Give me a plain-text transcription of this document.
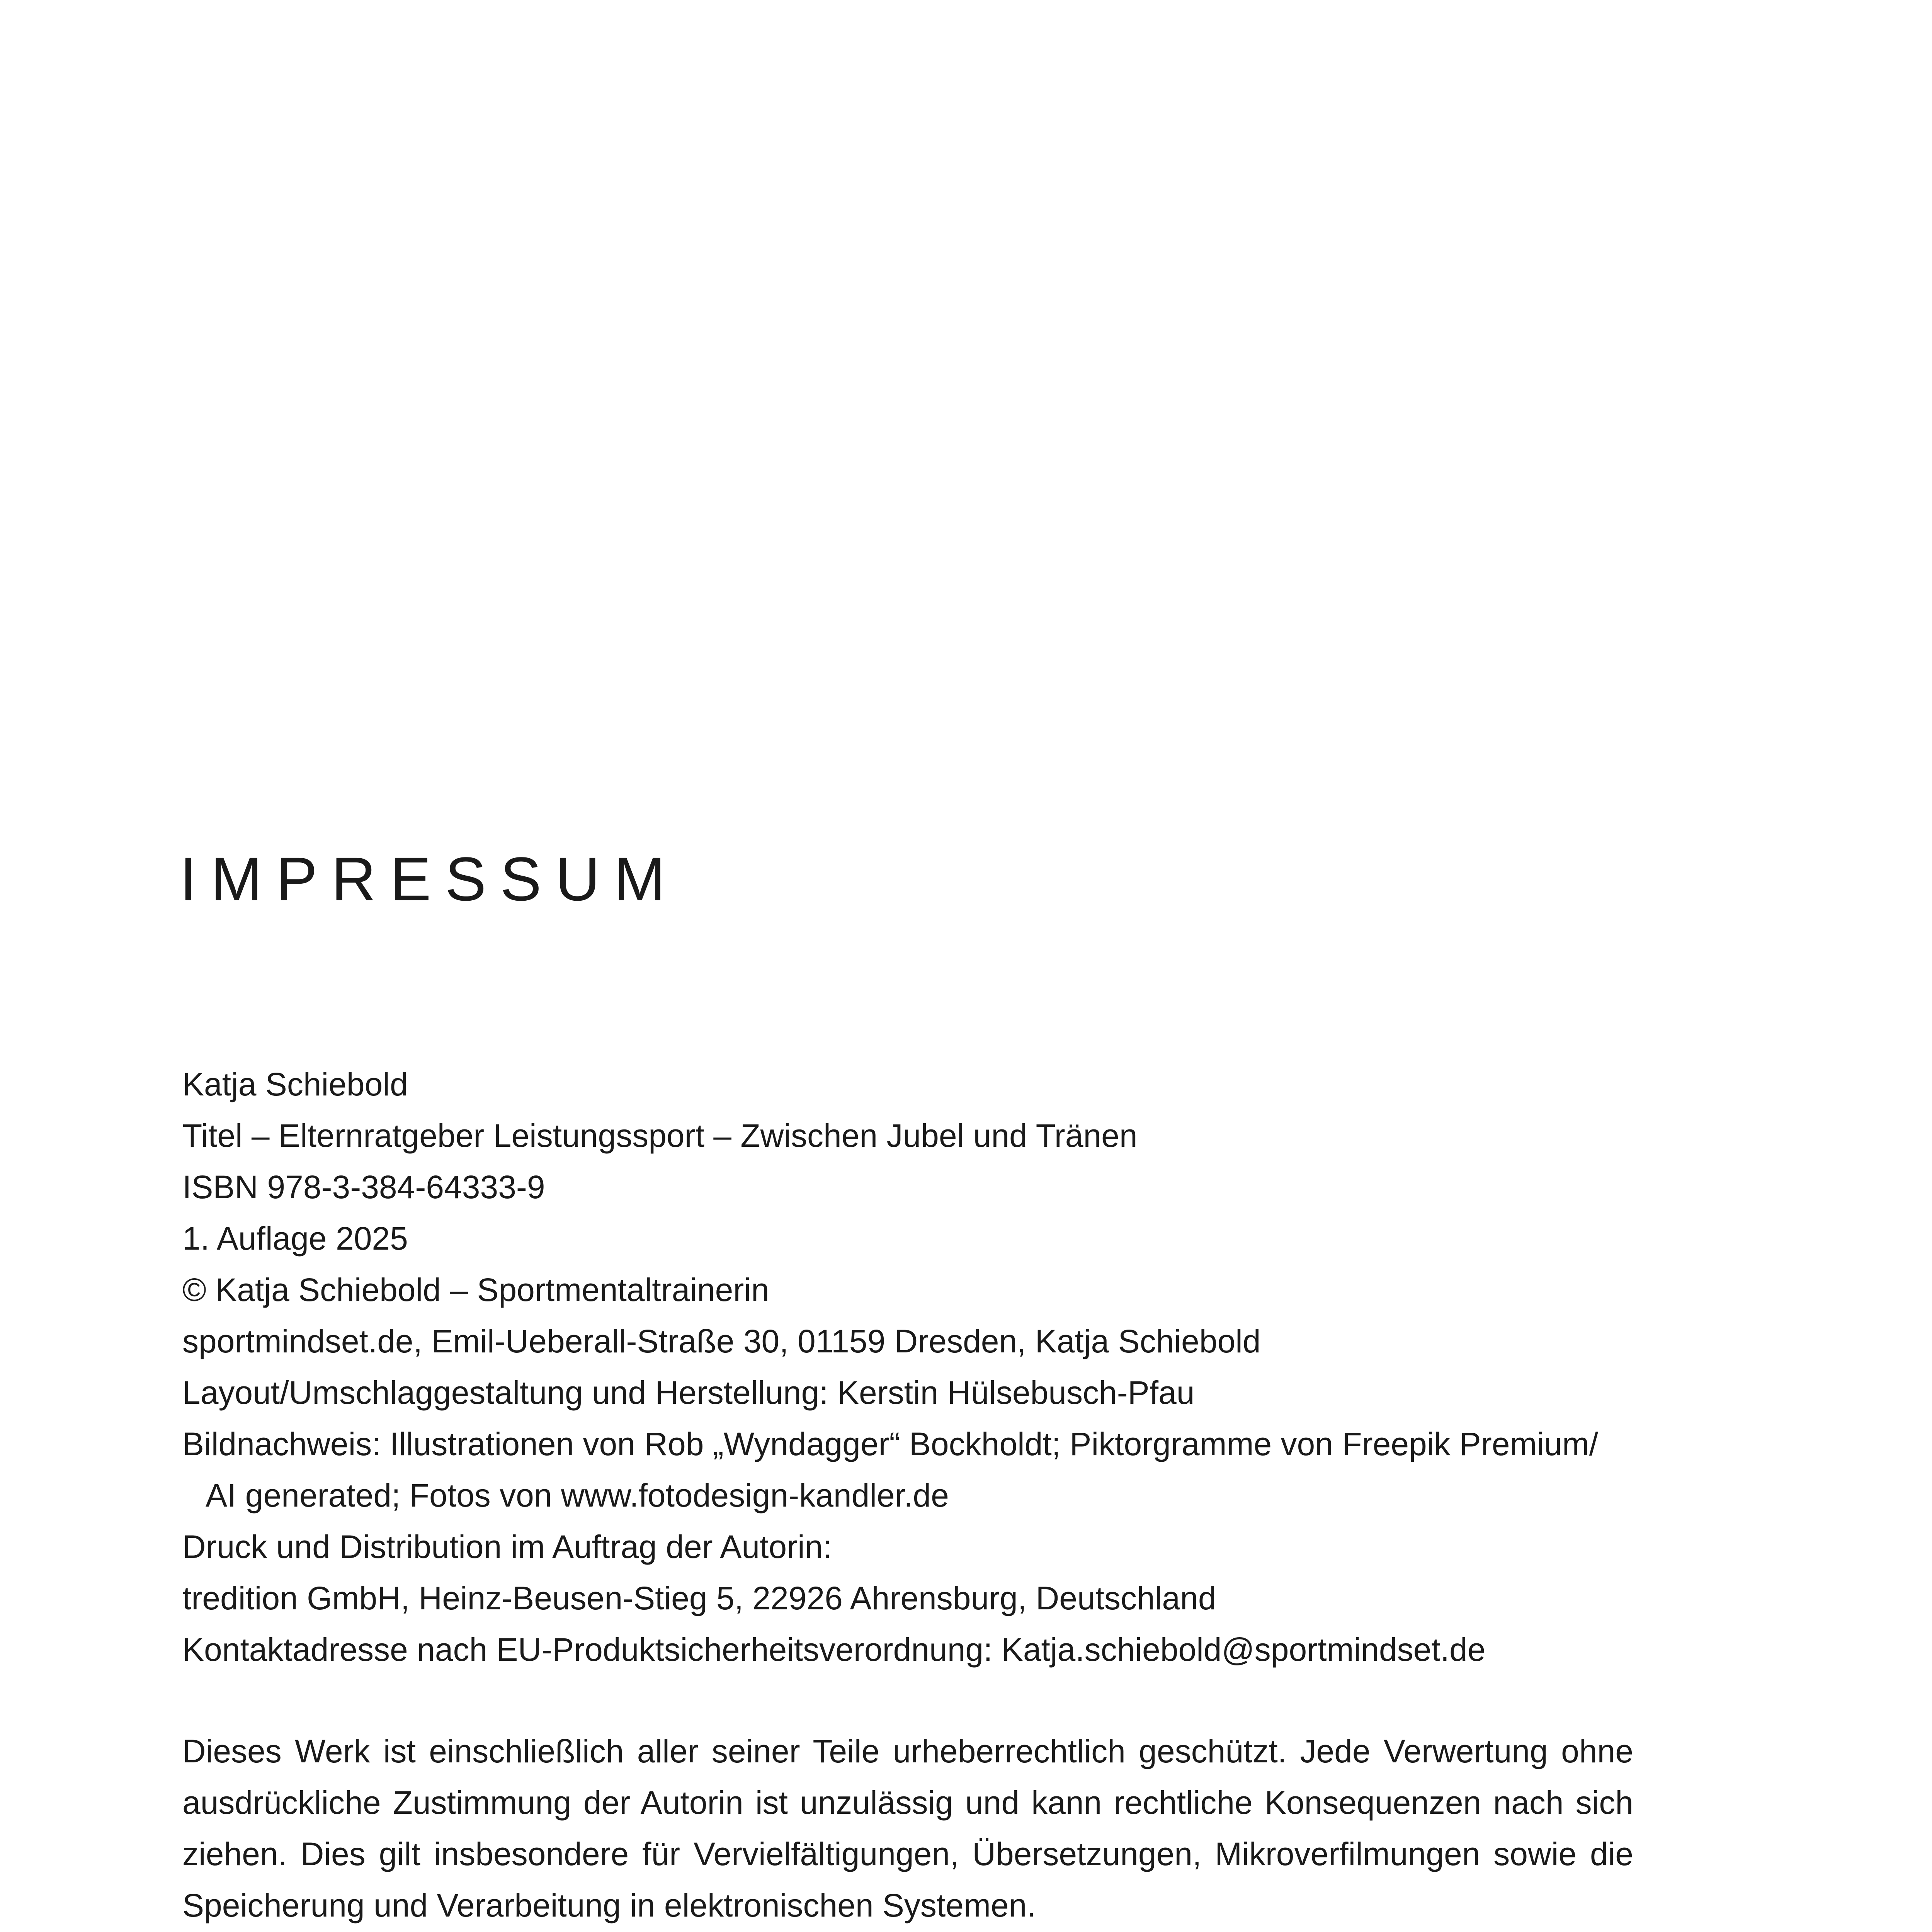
IMPRESSUM
Katja Schiebold
Titel – Elternratgeber Leistungssport – Zwischen Jubel und Tränen
ISBN 978-3-384-64333-9
1. Auflage 2025
© Katja Schiebold – Sportmentaltrainerin
sportmindset.de, Emil-Ueberall-Straße 30, 01159 Dresden, Katja Schiebold
Layout/Umschlaggestaltung und Herstellung: Kerstin Hülsebusch-Pfau
Bildnachweis: Illustrationen von Rob „Wyndagger“ Bockholdt; Piktorgramme von Freepik Premium/
AI generated; Fotos von www.fotodesign-kandler.de
Druck und Distribution im Auftrag der Autorin:
tredition GmbH, Heinz-Beusen-Stieg 5, 22926 Ahrensburg, Deutschland
Kontaktadresse nach EU-Produktsicherheitsverordnung: Katja.schiebold@sportmindset.de

Dieses Werk ist einschließlich aller seiner Teile urheberrechtlich geschützt. Jede Verwertung ohne ausdrückliche Zustimmung der Autorin ist unzulässig und kann rechtliche Konsequenzen nach sich ziehen. Dies gilt insbesondere für Vervielfältigungen, Übersetzungen, Mikroverfilmungen sowie die Speicherung und Verarbeitung in elektronischen Systemen.
